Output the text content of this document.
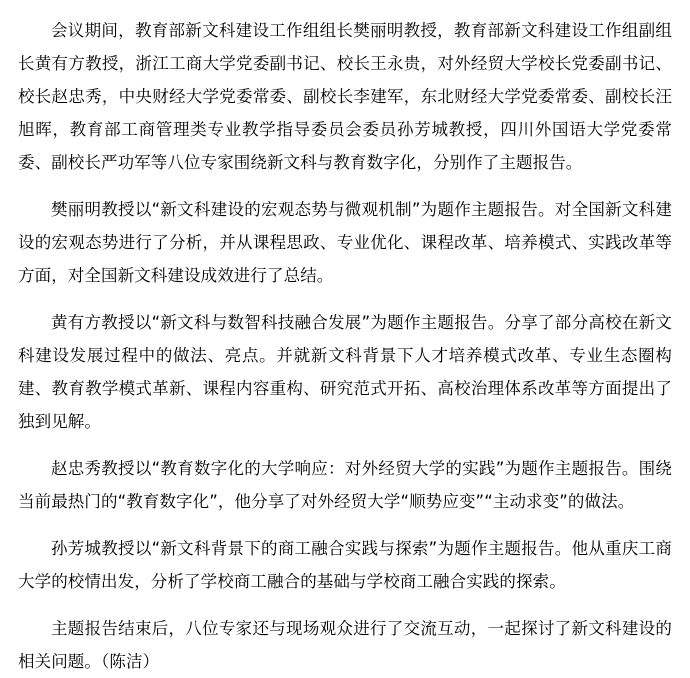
会议期间，教育部新文科建设工作组组长樊丽明教授，教育部新文科建设工作组副组长黄有方教授，浙江工商大学党委副书记、校长王永贵，对外经贸大学校长党委副书记、校长赵忠秀，中央财经大学党委常委、副校长李建军，东北财经大学党委常委、副校长汪旭晖，教育部工商管理类专业教学指导委员会委员孙芳城教授，四川外国语大学党委常委、副校长严功军等八位专家围绕新文科与教育数字化，分别作了主题报告。

樊丽明教授以“新文科建设的宏观态势与微观机制”为题作主题报告。对全国新文科建设的宏观态势进行了分析，并从课程思政、专业优化、课程改革、培养模式、实践改革等方面，对全国新文科建设成效进行了总结。

黄有方教授以“新文科与数智科技融合发展”为题作主题报告。分享了部分高校在新文科建设发展过程中的做法、亮点。并就新文科背景下人才培养模式改革、专业生态圈构建、教育教学模式革新、课程内容重构、研究范式开拓、高校治理体系改革等方面提出了独到见解。

赵忠秀教授以“教育数字化的大学响应：对外经贸大学的实践”为题作主题报告。围绕当前最热门的“教育数字化”，他分享了对外经贸大学“顺势应变”“主动求变”的做法。

孙芳城教授以“新文科背景下的商工融合实践与探索”为题作主题报告。他从重庆工商大学的校情出发，分析了学校商工融合的基础与学校商工融合实践的探索。

主题报告结束后，八位专家还与现场观众进行了交流互动，一起探讨了新文科建设的相关问题。（陈洁）
